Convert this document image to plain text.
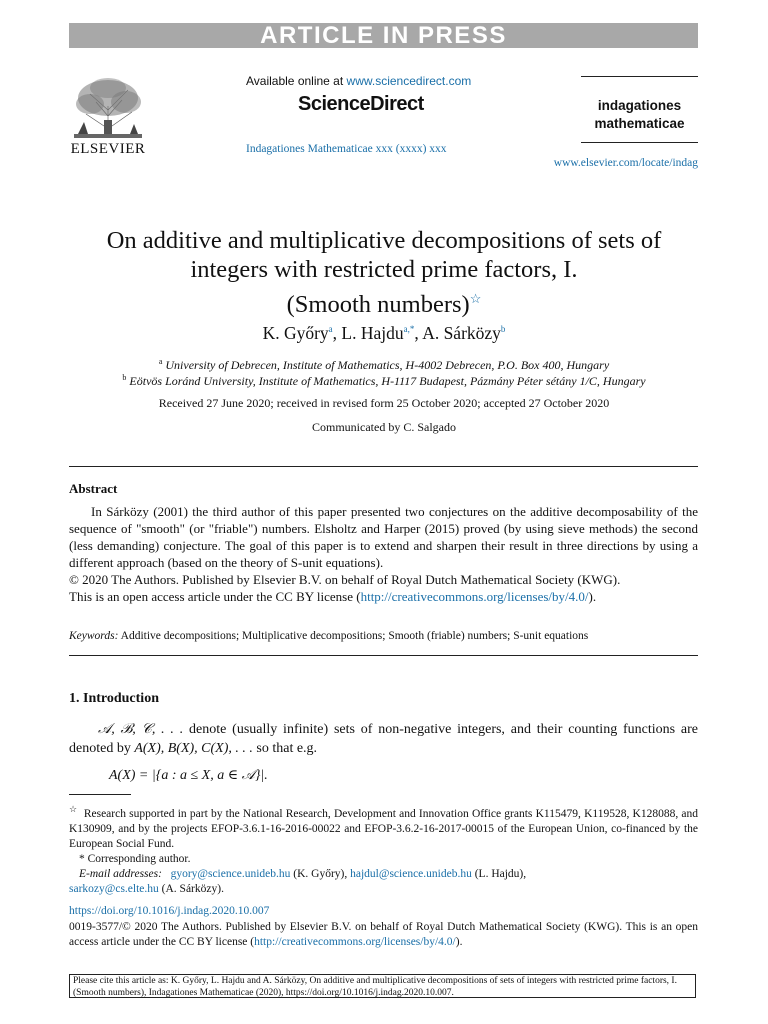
ARTICLE IN PRESS
ELSEVIER
Available online at www.sciencedirect.com
ScienceDirect
Indagationes Mathematicae xxx (xxxx) xxx
indagationes
mathematicae
www.elsevier.com/locate/indag
On additive and multiplicative decompositions of sets of
integers with restricted prime factors, I.
(Smooth numbers)☆
K. Győry$^a$, L. Hajdu$^{a,*}$, A. Sárközy$^b$
$^a$ University of Debrecen, Institute of Mathematics, H-4002 Debrecen, P.O. Box 400, Hungary
$^b$ Eötvös Loránd University, Institute of Mathematics, H-1117 Budapest, Pázmány Péter sétány 1/C, Hungary
Received 27 June 2020; received in revised form 25 October 2020; accepted 27 October 2020
Communicated by C. Salgado
Abstract

In Sárközy (2001) the third author of this paper presented two conjectures on the additive decomposability of the sequence of "smooth" (or "friable") numbers. Elsholtz and Harper (2015) proved (by using sieve methods) the second (less demanding) conjecture. The goal of this paper is to extend and sharpen their result in three directions by using a different approach (based on the theory of S-unit equations).

© 2020 The Authors. Published by Elsevier B.V. on behalf of Royal Dutch Mathematical Society (KWG).

This is an open access article under the CC BY license (http://creativecommons.org/licenses/by/4.0/).

Keywords: Additive decompositions; Multiplicative decompositions; Smooth (friable) numbers; S-unit equations
1. Introduction
𝒜, ℬ, 𝒞, . . . denote (usually infinite) sets of non-negative integers, and their counting functions are denoted by A(X), B(X), C(X), . . . so that e.g.
A(X) = |{a : a ≤ X, a ∈ 𝒜}|.

☆ Research supported in part by the National Research, Development and Innovation Office grants K115479, K119528, K128088, and K130909, and by the projects EFOP-3.6.1-16-2016-00022 and EFOP-3.6.2-16-2017-00015 of the European Union, co-financed by the European Social Fund.

* Corresponding author.

E-mail addresses: gyory@science.unideb.hu (K. Győry), hajdul@science.unideb.hu (L. Hajdu),

sarkozy@cs.elte.hu (A. Sárközy).

https://doi.org/10.1016/j.indag.2020.10.007
0019-3577/© 2020 The Authors. Published by Elsevier B.V. on behalf of Royal Dutch Mathematical Society (KWG). This is an open access article under the CC BY license (http://creativecommons.org/licenses/by/4.0/).
Please cite this article as: K. Győry, L. Hajdu and A. Sárközy, On additive and multiplicative decompositions of sets of integers with restricted prime factors, I. (Smooth numbers), Indagationes Mathematicae (2020), https://doi.org/10.1016/j.indag.2020.10.007.
